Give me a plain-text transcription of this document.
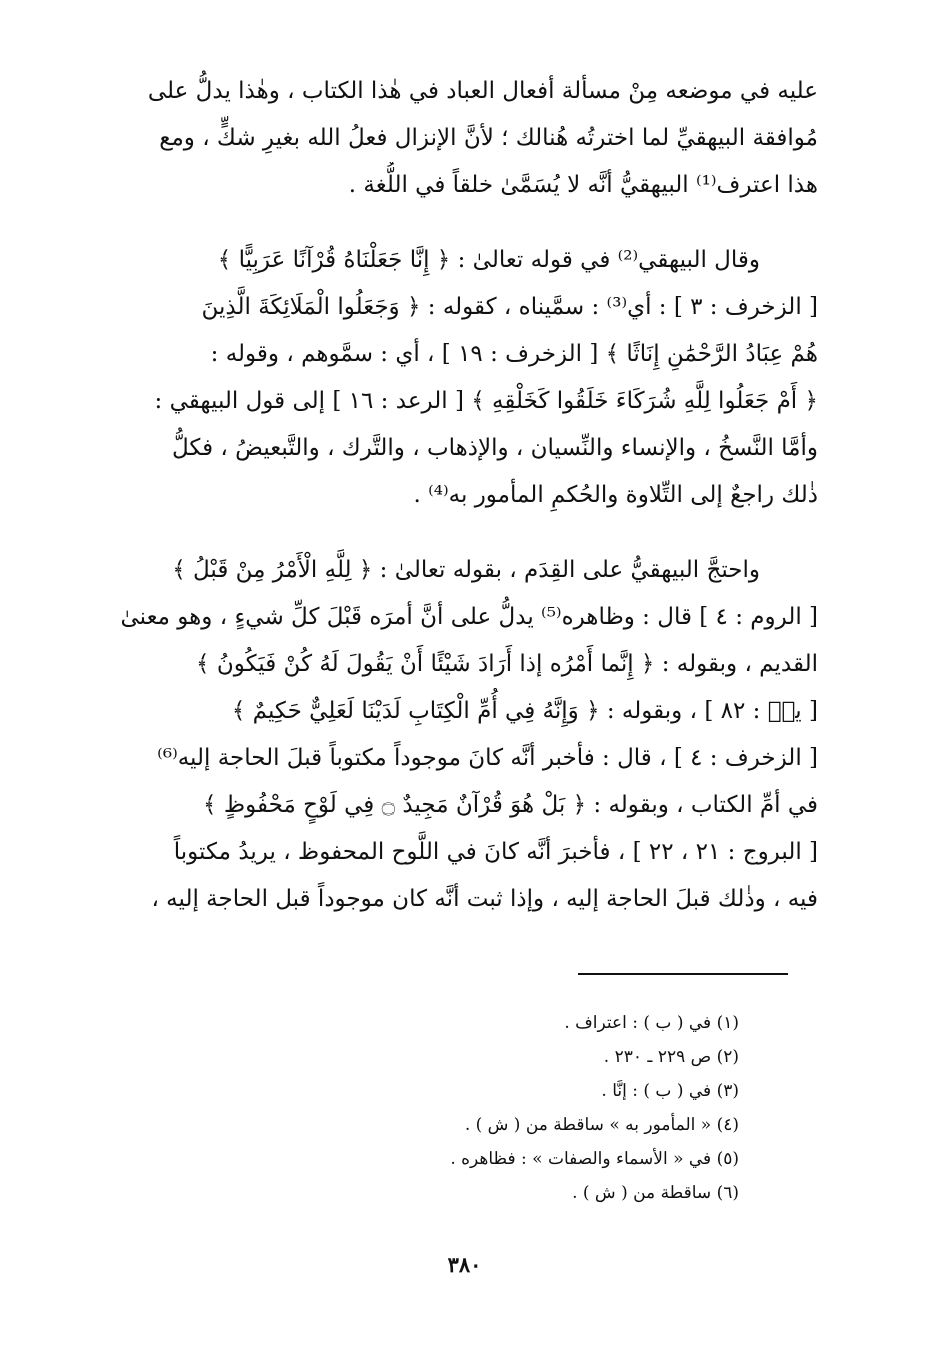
عليه في موضعه مِنْ مسألة أفعال العباد في هٰذا الكتاب ، وهٰذا يدلُّ على
مُوافقة البيهقيِّ لما اخترتُه هُنالك ؛ لأنَّ الإنزال فعلُ الله بغيرِ شكٍّ ، ومع
هذا اعترف⁽¹⁾ البيهقيُّ أنَّه لا يُسَمَّىٰ خلقاً في اللُّغة .

وقال البيهقي⁽²⁾ في قوله تعالىٰ : ﴿ إِنَّا جَعَلْنَاهُ قُرْآنًا عَرَبِيًّا ﴾
[ الزخرف : ٣ ] : أي⁽³⁾ : سمَّيناه ، كقوله : ﴿ وَجَعَلُوا الْمَلَائِكَةَ الَّذِينَ
هُمْ عِبَادُ الرَّحْمَٰنِ إِنَاثًا ﴾ [ الزخرف : ١٩ ] ، أي : سمَّوهم ، وقوله :
﴿ أَمْ جَعَلُوا لِلَّهِ شُرَكَاءَ خَلَقُوا كَخَلْقِهِ ﴾ [ الرعد : ١٦ ] إلى قول البيهقي :
وأمَّا النَّسخُ ، والإنساء والنِّسيان ، والإذهاب ، والتَّرك ، والتَّبعيضُ ، فكلُّ
ذٰلك راجعٌ إلى التِّلاوة والحُكمِ المأمور به⁽⁴⁾ .

واحتجَّ البيهقيُّ على القِدَم ، بقوله تعالىٰ : ﴿ لِلَّهِ الْأَمْرُ مِنْ قَبْلُ ﴾
[ الروم : ٤ ] قال : وظاهره⁽⁵⁾ يدلُّ على أنَّ أمرَه قَبْلَ كلِّ شيءٍ ، وهو معنىٰ
القديم ، وبقوله : ﴿ إِنَّما أَمْرُه إذا أَرَادَ شَيْئًا أَنْ يَقُولَ لَهُ كُنْ فَيَكُونُ ﴾
[ يسۤ : ٨٢ ] ، وبقوله : ﴿ وَإِنَّهُ فِي أُمِّ الْكِتَابِ لَدَيْنَا لَعَلِيٌّ حَكِيمٌ ﴾
[ الزخرف : ٤ ] ، قال : فأخبر أنَّه كانَ موجوداً مكتوباً قبلَ الحاجة إليه⁽⁶⁾
في أمِّ الكتاب ، وبقوله : ﴿ بَلْ هُوَ قُرْآنٌ مَجِيدٌ ۝ فِي لَوْحٍ مَحْفُوظٍ ﴾
[ البروج : ٢١ ، ٢٢ ] ، فأخبرَ أنَّه كانَ في اللَّوح المحفوظ ، يريدُ مكتوباً
فيه ، وذٰلك قبلَ الحاجة إليه ، وإذا ثبت أنَّه كان موجوداً قبل الحاجة إليه ،

(١) في ( ب ) : اعتراف .
(٢) ص ٢٢٩ ـ ٢٣٠ .
(٣) في ( ب ) : إنَّا .
(٤) « المأمور به » ساقطة من ( ش ) .
(٥) في « الأسماء والصفات » : فظاهره .
(٦) ساقطة من ( ش ) .
٣٨٠
